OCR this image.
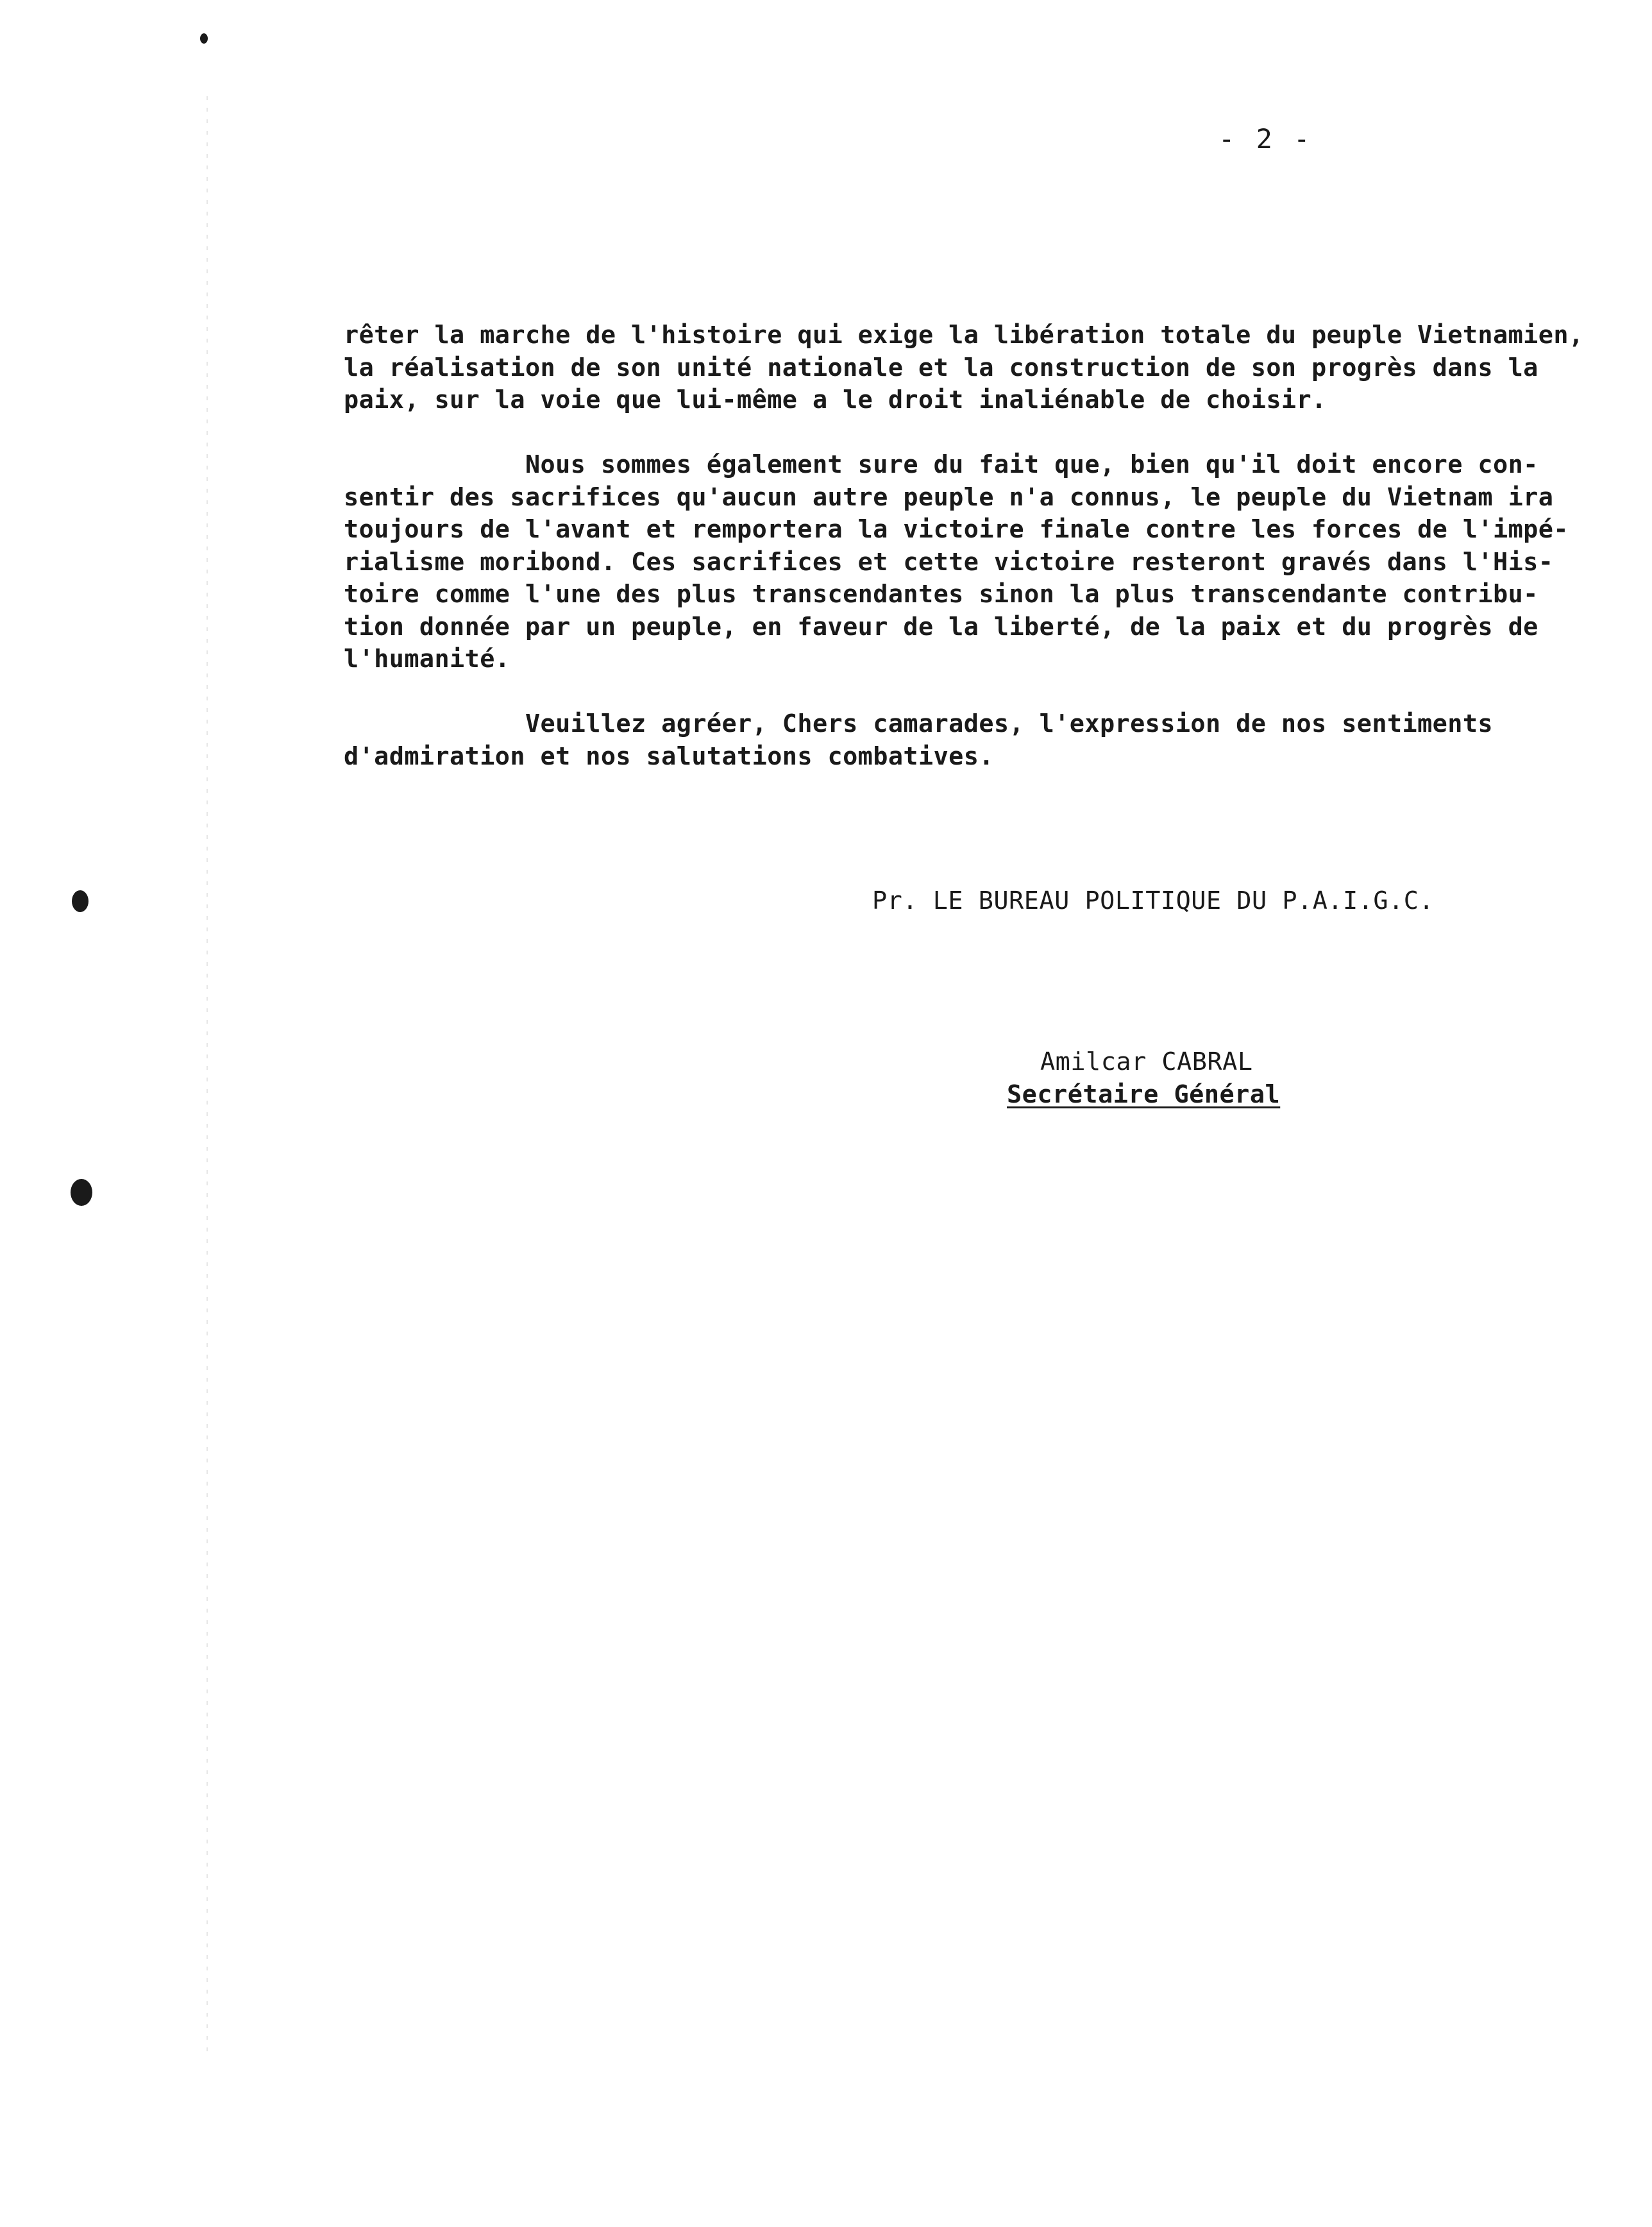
- 2 -
rêter la marche de l'histoire qui exige la libération totale du peuple Vietnamien,
la réalisation de son unité nationale et la construction de son progrès dans la
paix, sur la voie que lui-même a le droit inaliénable de choisir.
Nous sommes également sure du fait que, bien qu'il doit encore con-
sentir des sacrifices qu'aucun autre peuple n'a connus, le peuple du Vietnam ira
toujours de l'avant et remportera la victoire finale contre les forces de l'impé-
rialisme moribond. Ces sacrifices et cette victoire resteront gravés dans l'His-
toire comme l'une des plus transcendantes sinon la plus transcendante contribu-
tion donnée par un peuple, en faveur de la liberté, de la paix et du progrès de
l'humanité.
Veuillez agréer, Chers camarades, l'expression de nos sentiments
d'admiration et nos salutations combatives.
Pr. LE BUREAU POLITIQUE DU P.A.I.G.C.
Amilcar CABRAL
Secrétaire Général
